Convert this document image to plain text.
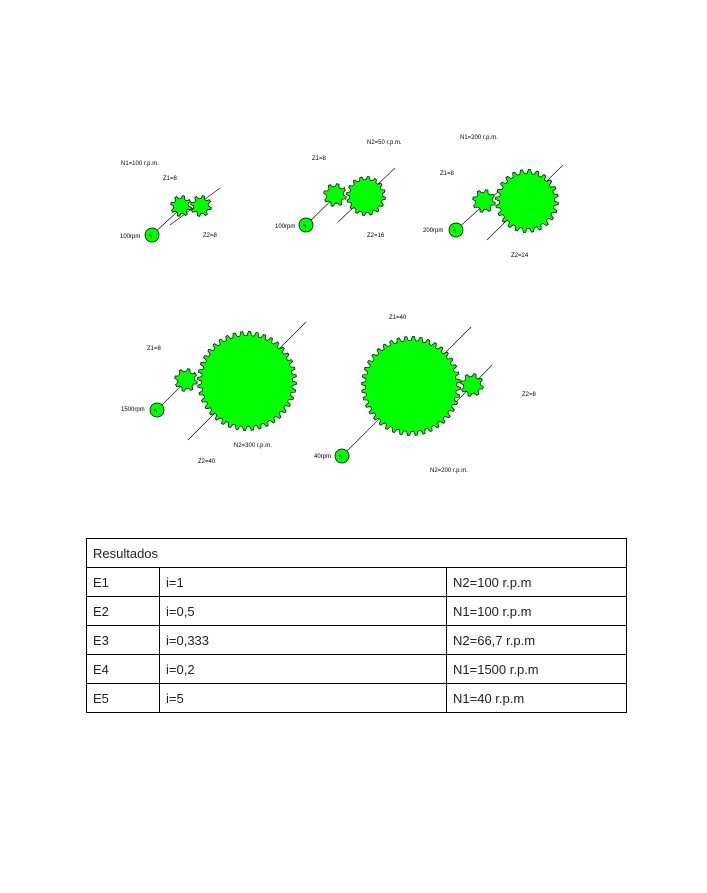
ϟ
N1=100 r.p.m.
Z1=8
100rpm	Z2=8
ϟ
Z1=8
N2=50 r.p.m.
100rpm
Z2=16
ϟ
N1=200 r.p.m.
Z1=8
200rpm
Z2=24
ϟ
Z1=8
1500rpm
N2=300 r.p.m.
Z2=40
ϟ
Z1=40
40rpm
N2=200 r.p.m.
Z2=8
Resultados		
E1	i=1	N2=100 r.p.m
E2	i=0,5	N1=100 r.p.m
E3	i=0,333	N2=66,7 r.p.m
E4	i=0,2	N1=1500 r.p.m
E5	i=5	N1=40 r.p.m
